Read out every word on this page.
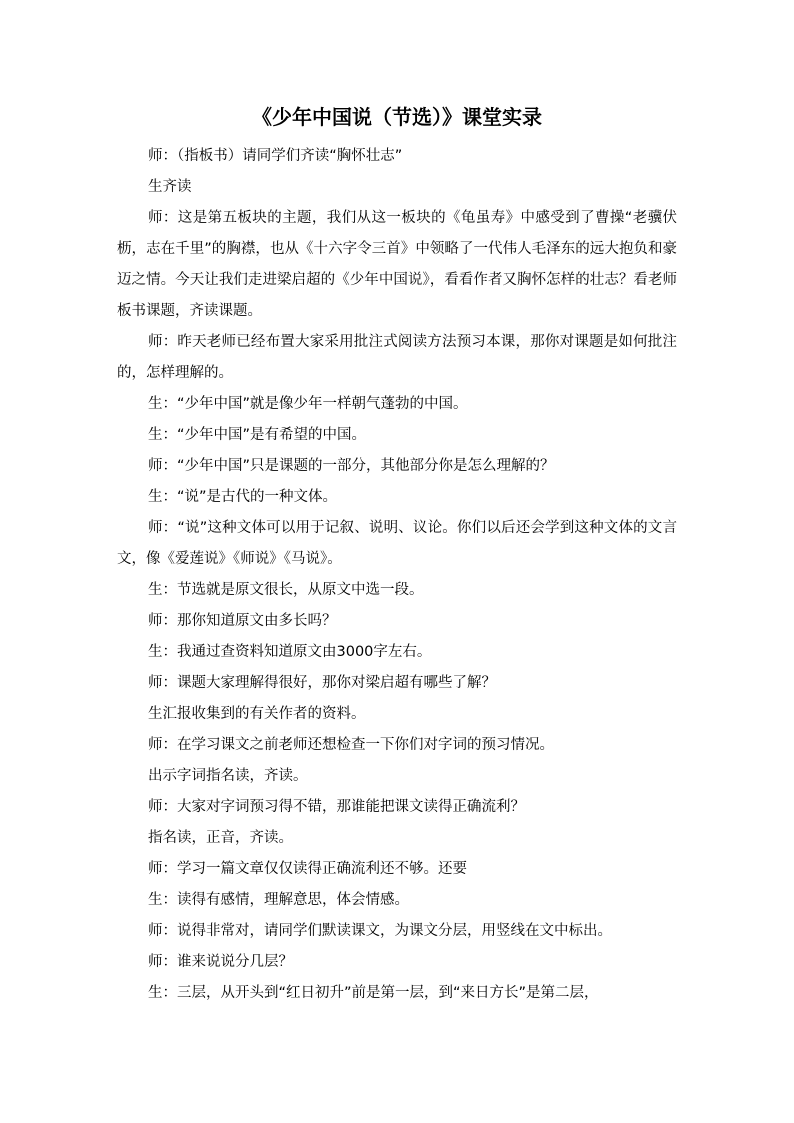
《少年中国说（节选）》课堂实录

师：（指板书）请同学们齐读“胸怀壮志”

生齐读

师：这是第五板块的主题，我们从这一板块的《龟虽寿》中感受到了曹操“老骥伏枥，志在千里”的胸襟，也从《十六字令三首》中领略了一代伟人毛泽东的远大抱负和豪迈之情。今天让我们走进梁启超的《少年中国说》，看看作者又胸怀怎样的壮志？看老师板书课题，齐读课题。

师：昨天老师已经布置大家采用批注式阅读方法预习本课，那你对课题是如何批注的，怎样理解的。

生：“少年中国”就是像少年一样朝气蓬勃的中国。

生：“少年中国”是有希望的中国。

师：“少年中国”只是课题的一部分，其他部分你是怎么理解的？

生：“说”是古代的一种文体。

师：“说”这种文体可以用于记叙、说明、议论。你们以后还会学到这种文体的文言文，像《爱莲说》《师说》《马说》。

生：节选就是原文很长，从原文中选一段。

师：那你知道原文由多长吗？

生：我通过查资料知道原文由3000字左右。

师：课题大家理解得很好，那你对梁启超有哪些了解？

生汇报收集到的有关作者的资料。

师：在学习课文之前老师还想检查一下你们对字词的预习情况。

出示字词指名读，齐读。

师：大家对字词预习得不错，那谁能把课文读得正确流利？

指名读，正音，齐读。

师：学习一篇文章仅仅读得正确流利还不够。还要

生：读得有感情，理解意思，体会情感。

师：说得非常对，请同学们默读课文，为课文分层，用竖线在文中标出。

师：谁来说说分几层？

生：三层，从开头到“红日初升”前是第一层，到“来日方长”是第二层，
